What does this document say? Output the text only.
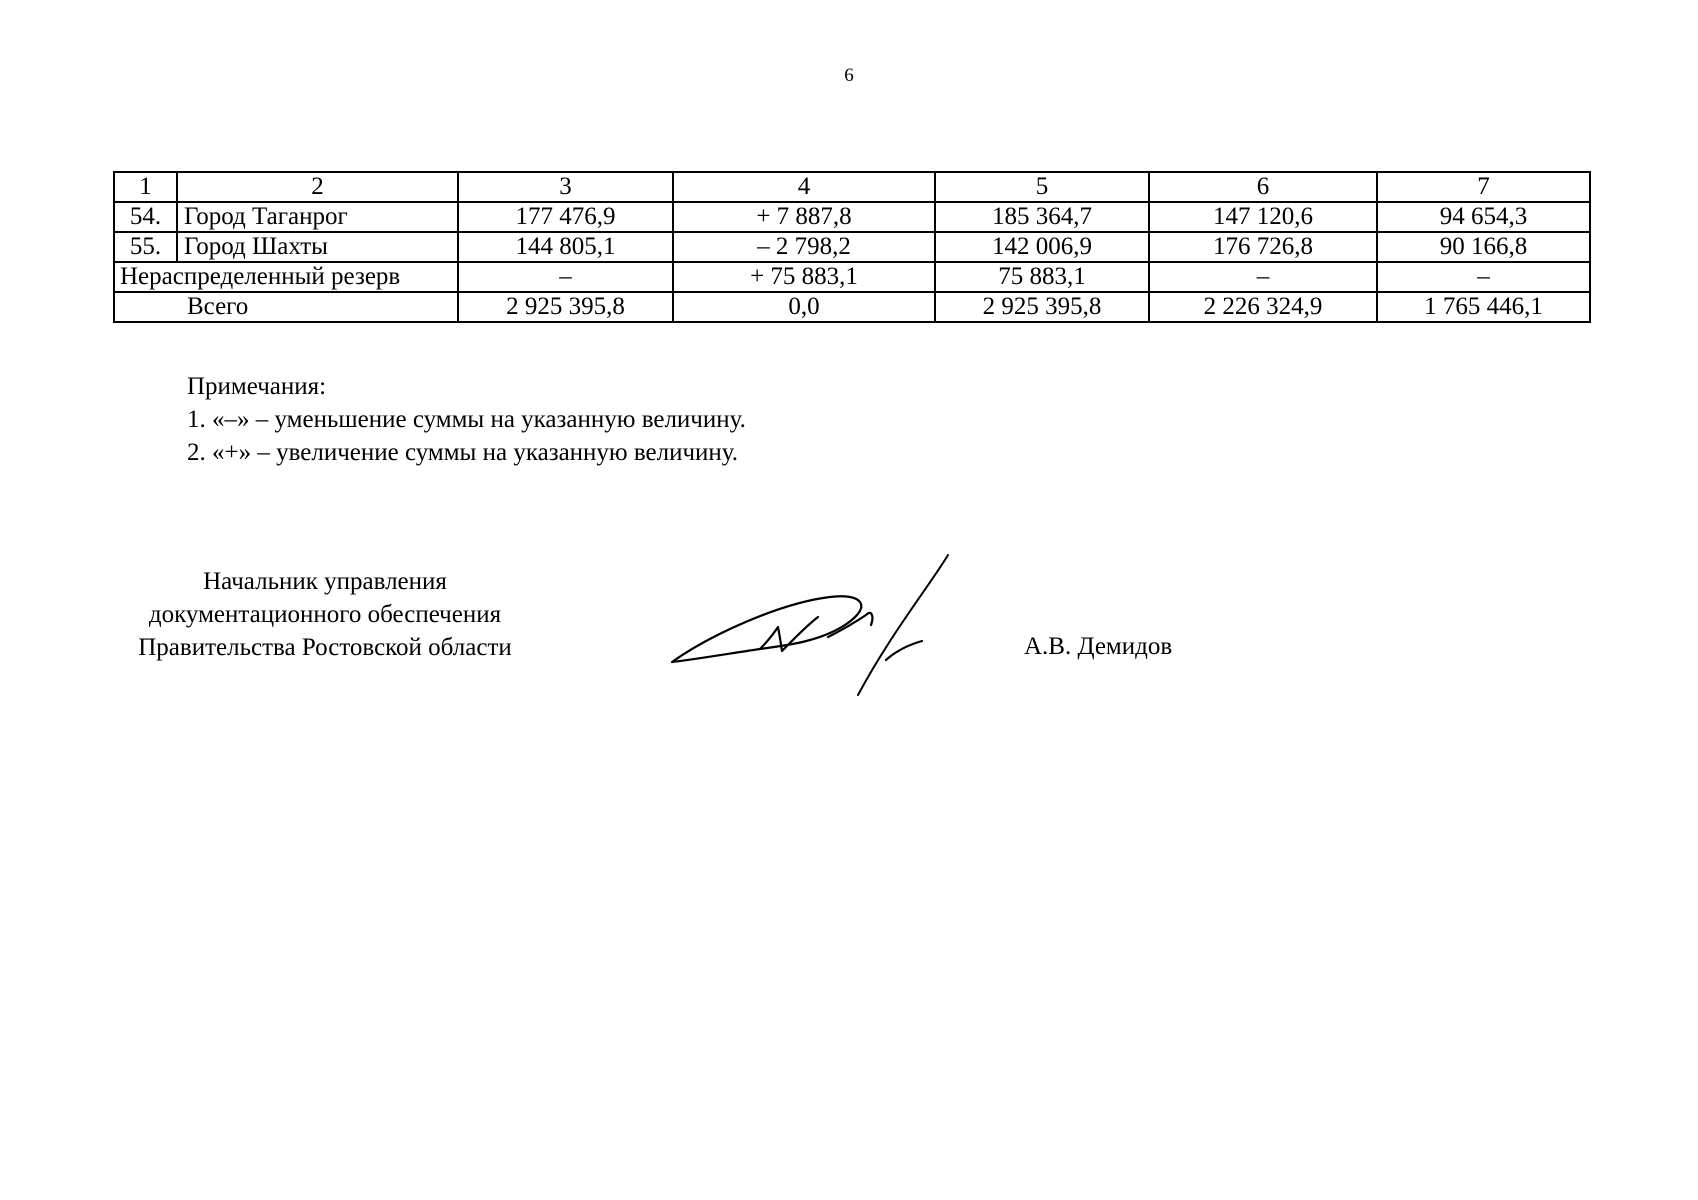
6
1	2	3	4	5	6	7
54.	Город Таганрог	177 476,9	+ 7 887,8	185 364,7	147 120,6	94 654,3
55.	Город Шахты	144 805,1	– 2 798,2	142 006,9	176 726,8	90 166,8
Нераспределенный резерв		–	+ 75 883,1	75 883,1	–	–
Всего		2 925 395,8	0,0	2 925 395,8	2 226 324,9	1 765 446,1
Примечания:
1. «–» – уменьшение суммы на указанную величину.
2. «+» – увеличение суммы на указанную величину.
Начальник управления
документационного обеспечения
Правительства Ростовской области	А.В. Демидов
